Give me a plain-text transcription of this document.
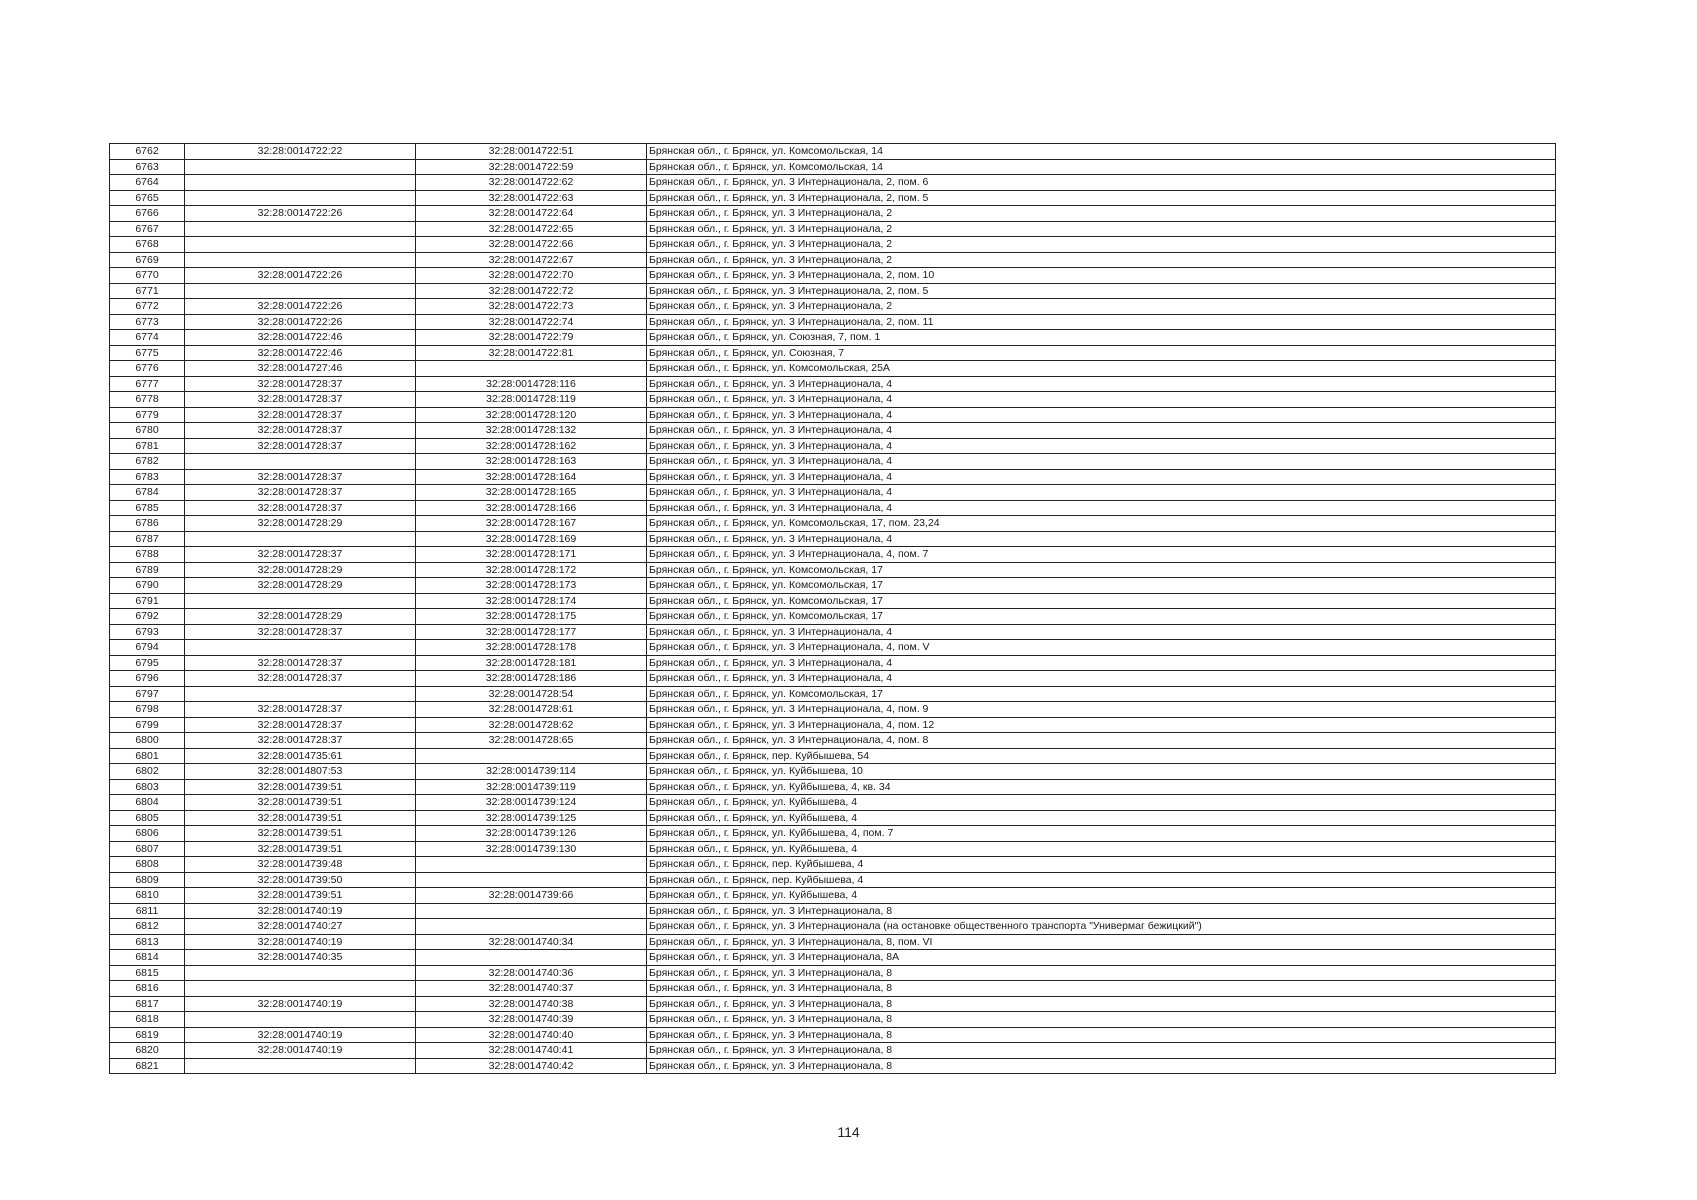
6762	32:28:0014722:22	32:28:0014722:51	Брянская обл., г. Брянск, ул. Комсомольская, 14
6763		32:28:0014722:59	Брянская обл., г. Брянск, ул. Комсомольская, 14
6764		32:28:0014722:62	Брянская обл., г. Брянск, ул. 3 Интернационала, 2, пом. 6
6765		32:28:0014722:63	Брянская обл., г. Брянск, ул. 3 Интернационала, 2, пом. 5
6766	32:28:0014722:26	32:28:0014722:64	Брянская обл., г. Брянск, ул. 3 Интернационала, 2
6767		32:28:0014722:65	Брянская обл., г. Брянск, ул. 3 Интернационала, 2
6768		32:28:0014722:66	Брянская обл., г. Брянск, ул. 3 Интернационала, 2
6769		32:28:0014722:67	Брянская обл., г. Брянск, ул. 3 Интернационала, 2
6770	32:28:0014722:26	32:28:0014722:70	Брянская обл., г. Брянск, ул. 3 Интернационала, 2, пом. 10
6771		32:28:0014722:72	Брянская обл., г. Брянск, ул. 3 Интернационала, 2, пом. 5
6772	32:28:0014722:26	32:28:0014722:73	Брянская обл., г. Брянск, ул. 3 Интернационала, 2
6773	32:28:0014722:26	32:28:0014722:74	Брянская обл., г. Брянск, ул. 3 Интернационала, 2, пом. 11
6774	32:28:0014722:46	32:28:0014722:79	Брянская обл., г. Брянск, ул. Союзная, 7, пом. 1
6775	32:28:0014722:46	32:28:0014722:81	Брянская обл., г. Брянск, ул. Союзная, 7
6776	32:28:0014727:46		Брянская обл., г. Брянск, ул. Комсомольская, 25А
6777	32:28:0014728:37	32:28:0014728:116	Брянская обл., г. Брянск, ул. 3 Интернационала, 4
6778	32:28:0014728:37	32:28:0014728:119	Брянская обл., г. Брянск, ул. 3 Интернационала, 4
6779	32:28:0014728:37	32:28:0014728:120	Брянская обл., г. Брянск, ул. 3 Интернационала, 4
6780	32:28:0014728:37	32:28:0014728:132	Брянская обл., г. Брянск, ул. 3 Интернационала, 4
6781	32:28:0014728:37	32:28:0014728:162	Брянская обл., г. Брянск, ул. 3 Интернационала, 4
6782		32:28:0014728:163	Брянская обл., г. Брянск, ул. 3 Интернационала, 4
6783	32:28:0014728:37	32:28:0014728:164	Брянская обл., г. Брянск, ул. 3 Интернационала, 4
6784	32:28:0014728:37	32:28:0014728:165	Брянская обл., г. Брянск, ул. 3 Интернационала, 4
6785	32:28:0014728:37	32:28:0014728:166	Брянская обл., г. Брянск, ул. 3 Интернационала, 4
6786	32:28:0014728:29	32:28:0014728:167	Брянская обл., г. Брянск, ул. Комсомольская, 17, пом. 23,24
6787		32:28:0014728:169	Брянская обл., г. Брянск, ул. 3 Интернационала, 4
6788	32:28:0014728:37	32:28:0014728:171	Брянская обл., г. Брянск, ул. 3 Интернационала, 4, пом. 7
6789	32:28:0014728:29	32:28:0014728:172	Брянская обл., г. Брянск, ул. Комсомольская, 17
6790	32:28:0014728:29	32:28:0014728:173	Брянская обл., г. Брянск, ул. Комсомольская, 17
6791		32:28:0014728:174	Брянская обл., г. Брянск, ул. Комсомольская, 17
6792	32:28:0014728:29	32:28:0014728:175	Брянская обл., г. Брянск, ул. Комсомольская, 17
6793	32:28:0014728:37	32:28:0014728:177	Брянская обл., г. Брянск, ул. 3 Интернационала, 4
6794		32:28:0014728:178	Брянская обл., г. Брянск, ул. 3 Интернационала, 4, пом. V
6795	32:28:0014728:37	32:28:0014728:181	Брянская обл., г. Брянск, ул. 3 Интернационала, 4
6796	32:28:0014728:37	32:28:0014728:186	Брянская обл., г. Брянск, ул. 3 Интернационала, 4
6797		32:28:0014728:54	Брянская обл., г. Брянск, ул. Комсомольская, 17
6798	32:28:0014728:37	32:28:0014728:61	Брянская обл., г. Брянск, ул. 3 Интернационала, 4, пом. 9
6799	32:28:0014728:37	32:28:0014728:62	Брянская обл., г. Брянск, ул. 3 Интернационала, 4, пом. 12
6800	32:28:0014728:37	32:28:0014728:65	Брянская обл., г. Брянск, ул. 3 Интернационала, 4, пом. 8
6801	32:28:0014735:61		Брянская обл., г. Брянск, пер. Куйбышева, 54
6802	32:28:0014807:53	32:28:0014739:114	Брянская обл., г. Брянск, ул. Куйбышева, 10
6803	32:28:0014739:51	32:28:0014739:119	Брянская обл., г. Брянск, ул. Куйбышева, 4, кв. 34
6804	32:28:0014739:51	32:28:0014739:124	Брянская обл., г. Брянск, ул. Куйбышева, 4
6805	32:28:0014739:51	32:28:0014739:125	Брянская обл., г. Брянск, ул. Куйбышева, 4
6806	32:28:0014739:51	32:28:0014739:126	Брянская обл., г. Брянск, ул. Куйбышева, 4, пом. 7
6807	32:28:0014739:51	32:28:0014739:130	Брянская обл., г. Брянск, ул. Куйбышева, 4
6808	32:28:0014739:48		Брянская обл., г. Брянск, пер. Куйбышева, 4
6809	32:28:0014739:50		Брянская обл., г. Брянск, пер. Куйбышева, 4
6810	32:28:0014739:51	32:28:0014739:66	Брянская обл., г. Брянск, ул. Куйбышева, 4
6811	32:28:0014740:19		Брянская обл., г. Брянск, ул. 3 Интернационала, 8
6812	32:28:0014740:27		Брянская обл., г. Брянск, ул. 3 Интернационала (на остановке общественного транспорта "Универмаг бежицкий")
6813	32:28:0014740:19	32:28:0014740:34	Брянская обл., г. Брянск, ул. 3 Интернационала, 8, пом. VI
6814	32:28:0014740:35		Брянская обл., г. Брянск, ул. 3 Интернационала, 8А
6815		32:28:0014740:36	Брянская обл., г. Брянск, ул. 3 Интернационала, 8
6816		32:28:0014740:37	Брянская обл., г. Брянск, ул. 3 Интернационала, 8
6817	32:28:0014740:19	32:28:0014740:38	Брянская обл., г. Брянск, ул. 3 Интернационала, 8
6818		32:28:0014740:39	Брянская обл., г. Брянск, ул. 3 Интернационала, 8
6819	32:28:0014740:19	32:28:0014740:40	Брянская обл., г. Брянск, ул. 3 Интернационала, 8
6820	32:28:0014740:19	32:28:0014740:41	Брянская обл., г. Брянск, ул. 3 Интернационала, 8
6821		32:28:0014740:42	Брянская обл., г. Брянск, ул. 3 Интернационала, 8
114
